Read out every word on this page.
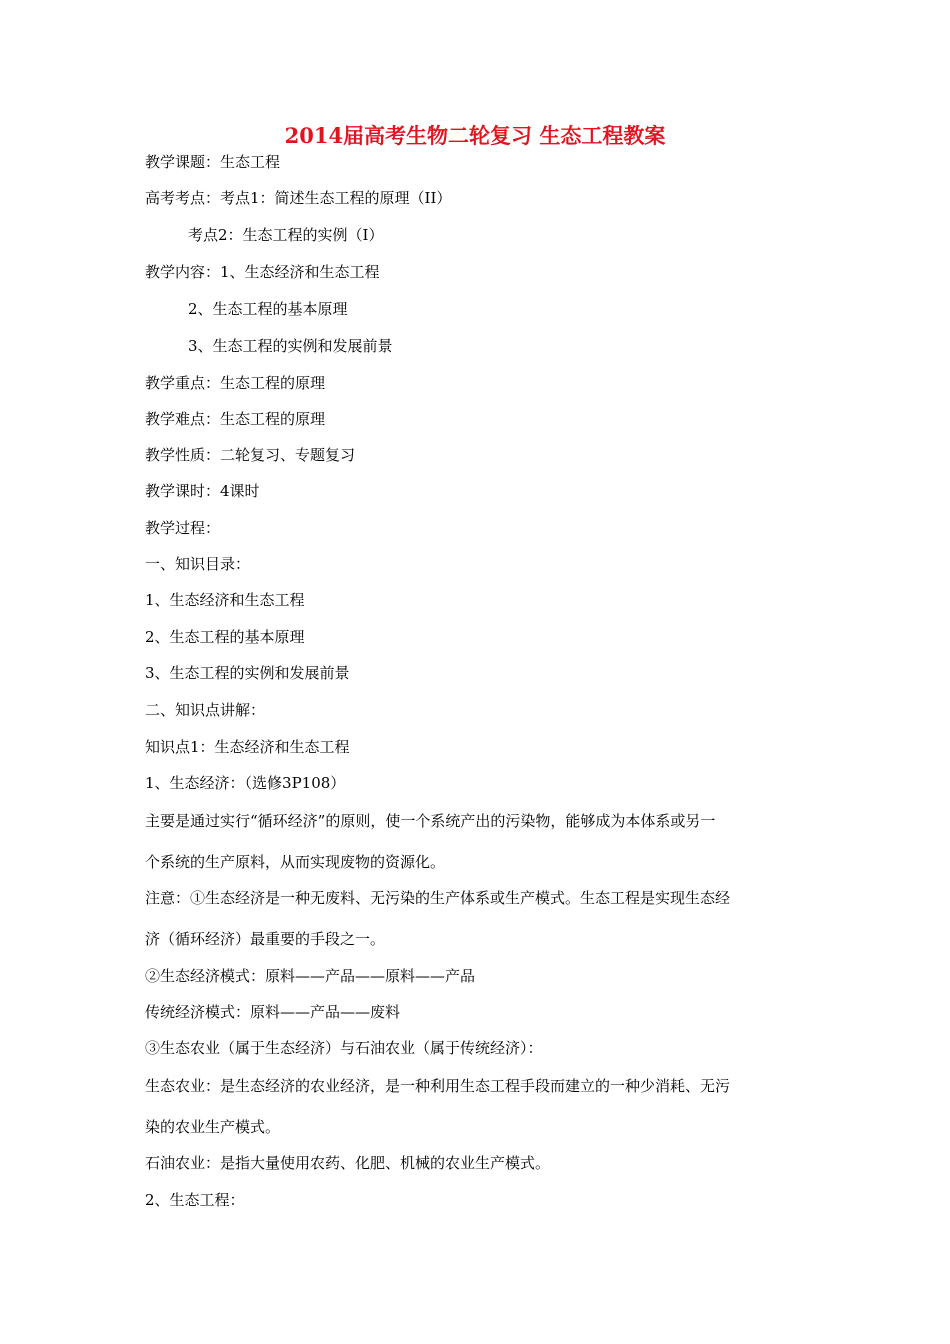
2014届高考生物二轮复习 生态工程教案
教学课题：生态工程
高考考点：考点1：简述生态工程的原理（II）
考点2：生态工程的实例（I）
教学内容：1、生态经济和生态工程
2、生态工程的基本原理
3、生态工程的实例和发展前景
教学重点：生态工程的原理
教学难点：生态工程的原理
教学性质：二轮复习、专题复习
教学课时：4课时
教学过程：
一、知识目录：
1、生态经济和生态工程
2、生态工程的基本原理
3、生态工程的实例和发展前景
二、知识点讲解：
知识点1：生态经济和生态工程
1、生态经济：（选修3P108）
主要是通过实行“循环经济”的原则，使一个系统产出的污染物，能够成为本体系或另一
个系统的生产原料，从而实现废物的资源化。
注意：①生态经济是一种无废料、无污染的生产体系或生产模式。生态工程是实现生态经
济（循环经济）最重要的手段之一。
②生态经济模式：原料——产品——原料——产品
传统经济模式：原料——产品——废料
③生态农业（属于生态经济）与石油农业（属于传统经济）：
生态农业：是生态经济的农业经济，是一种利用生态工程手段而建立的一种少消耗、无污
染的农业生产模式。
石油农业：是指大量使用农药、化肥、机械的农业生产模式。
2、生态工程：
